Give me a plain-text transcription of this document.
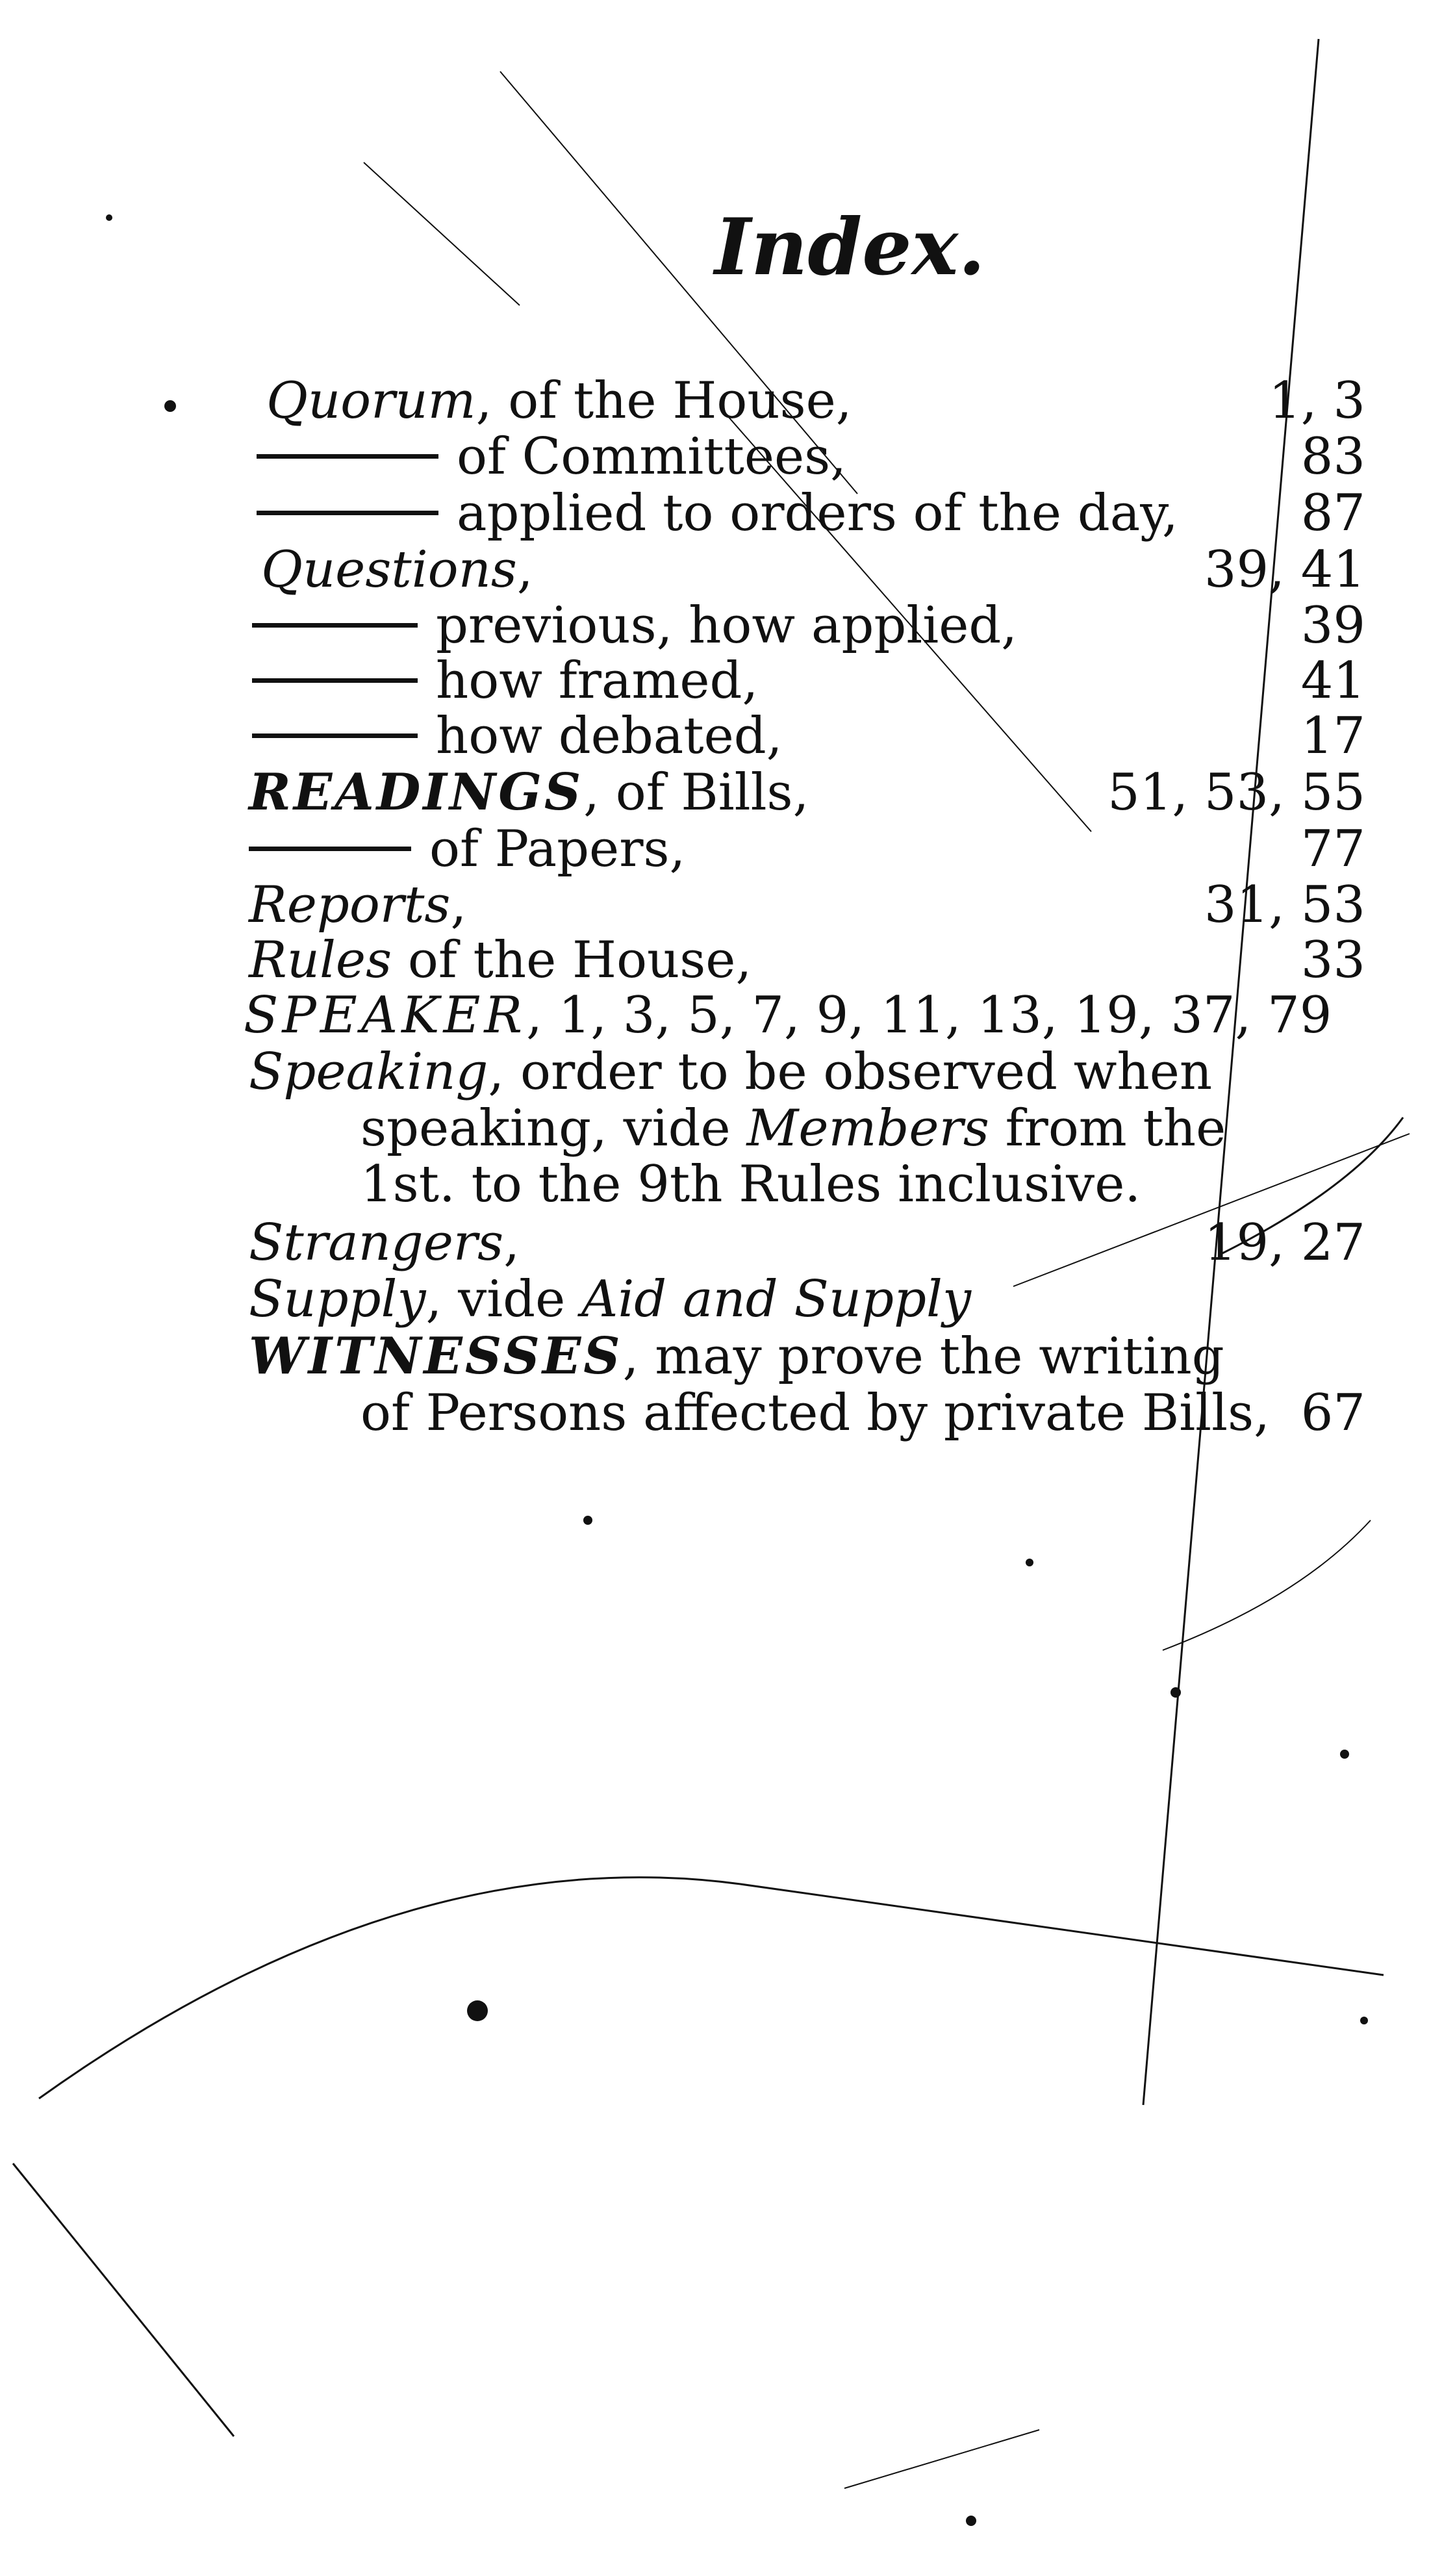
Index.
Quorum, of the House,	1, 3
of Committees,	83
applied to orders of the day, 87
Questions,	39, 41
previous, how applied,	39
how framed,	41
how debated,	17
READINGS, of Bills,	51, 53, 55
of Papers,	77
Reports,	31, 53
Rules of the House,	33
SPEAKER, 1, 3, 5, 7, 9, 11, 13, 19, 37, 79
Speaking, order to be observed when
speaking, vide Members from the
1st. to the 9th Rules inclusive.
Strangers,	19, 27
Supply, vide Aid and Supply
WITNESSES, may prove the writing
of Persons affected by private Bills, 67
